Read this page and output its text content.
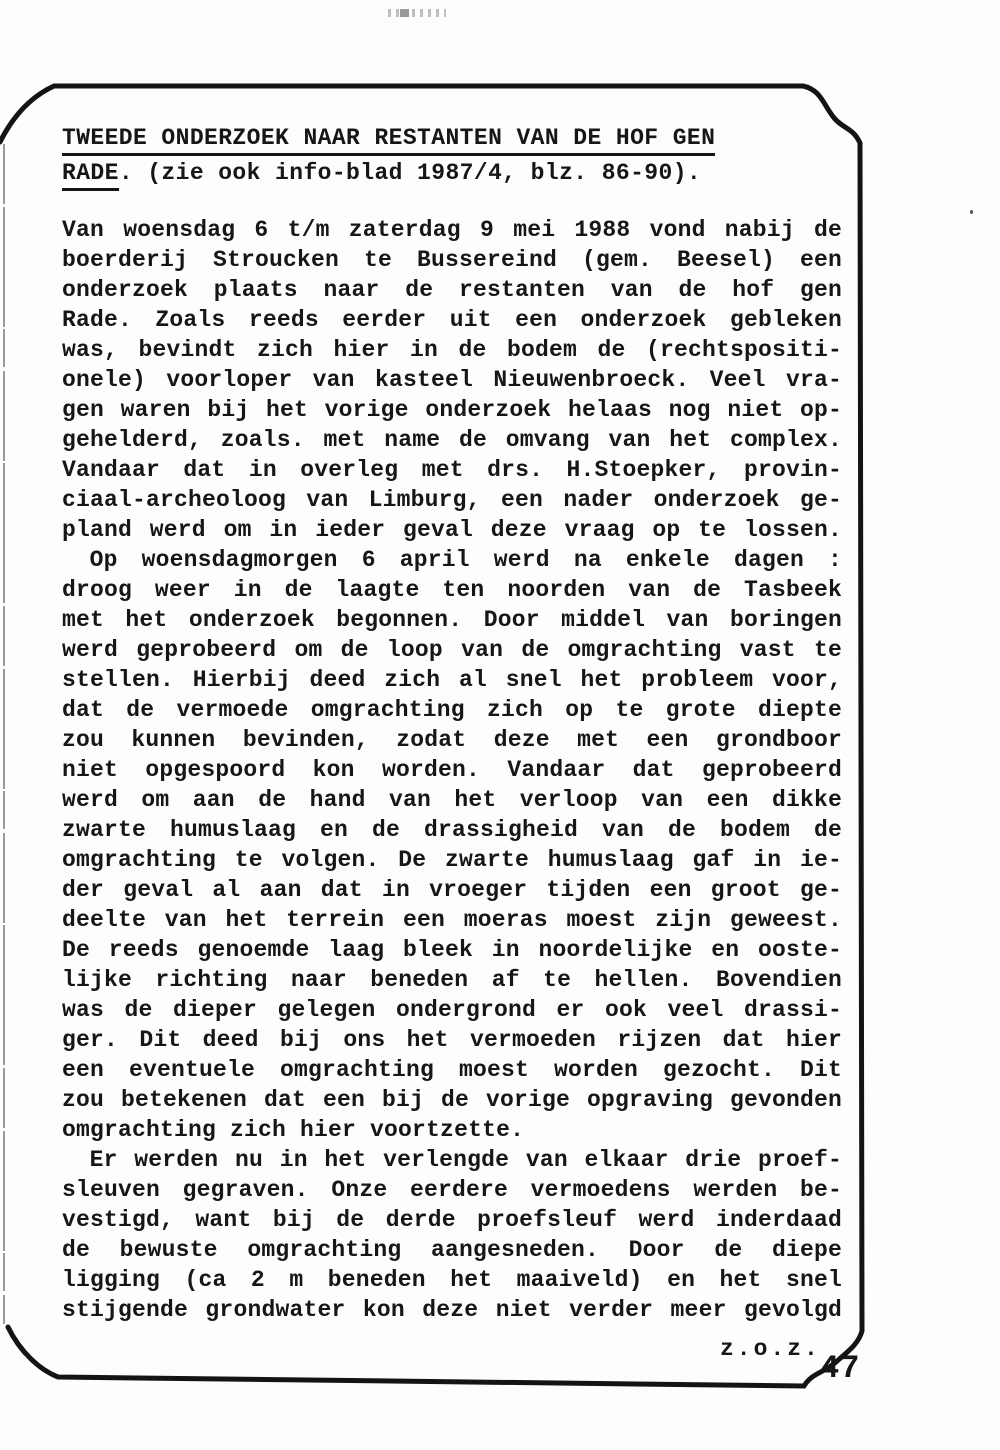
TWEEDE ONDERZOEK NAAR RESTANTEN VAN DE HOF GEN
RADE. (zie ook info-blad 1987/4, blz. 86-90).
Van woensdag 6 t/m zaterdag 9 mei 1988 vond nabij de
boerderij Stroucken te Bussereind (gem. Beesel) een
onderzoek plaats naar de restanten van de hof gen
Rade. Zoals reeds eerder uit een onderzoek gebleken
was, bevindt zich hier in de bodem de (rechtspositi-
onele) voorloper van kasteel Nieuwenbroeck. Veel vra-
gen waren bij het vorige onderzoek helaas nog niet op-
gehelderd, zoals. met name de omvang van het complex.
Vandaar dat in overleg met drs. H.Stoepker, provin-
ciaal-archeoloog van Limburg, een nader onderzoek ge-
pland werd om in ieder geval deze vraag op te lossen.
Op woensdagmorgen 6 april werd na enkele dagen :
droog weer in de laagte ten noorden van de Tasbeek
met het onderzoek begonnen. Door middel van boringen
werd geprobeerd om de loop van de omgrachting vast te
stellen. Hierbij deed zich al snel het probleem voor,
dat de vermoede omgrachting zich op te grote diepte
zou kunnen bevinden, zodat deze met een grondboor
niet opgespoord kon worden. Vandaar dat geprobeerd
werd om aan de hand van het verloop van een dikke
zwarte humuslaag en de drassigheid van de bodem de
omgrachting te volgen. De zwarte humuslaag gaf in ie-
der geval al aan dat in vroeger tijden een groot ge-
deelte van het terrein een moeras moest zijn geweest.
De reeds genoemde laag bleek in noordelijke en ooste-
lijke richting naar beneden af te hellen. Bovendien
was de dieper gelegen ondergrond er ook veel drassi-
ger. Dit deed bij ons het vermoeden rijzen dat hier
een eventuele omgrachting moest worden gezocht. Dit
zou betekenen dat een bij de vorige opgraving gevonden
omgrachting zich hier voortzette.
Er werden nu in het verlengde van elkaar drie proef-
sleuven gegraven. Onze eerdere vermoedens werden be-
vestigd, want bij de derde proefsleuf werd inderdaad
de bewuste omgrachting aangesneden. Door de diepe
ligging (ca 2 m beneden het maaiveld) en het snel
stijgende grondwater kon deze niet verder meer gevolgd
z.o.z.
47
